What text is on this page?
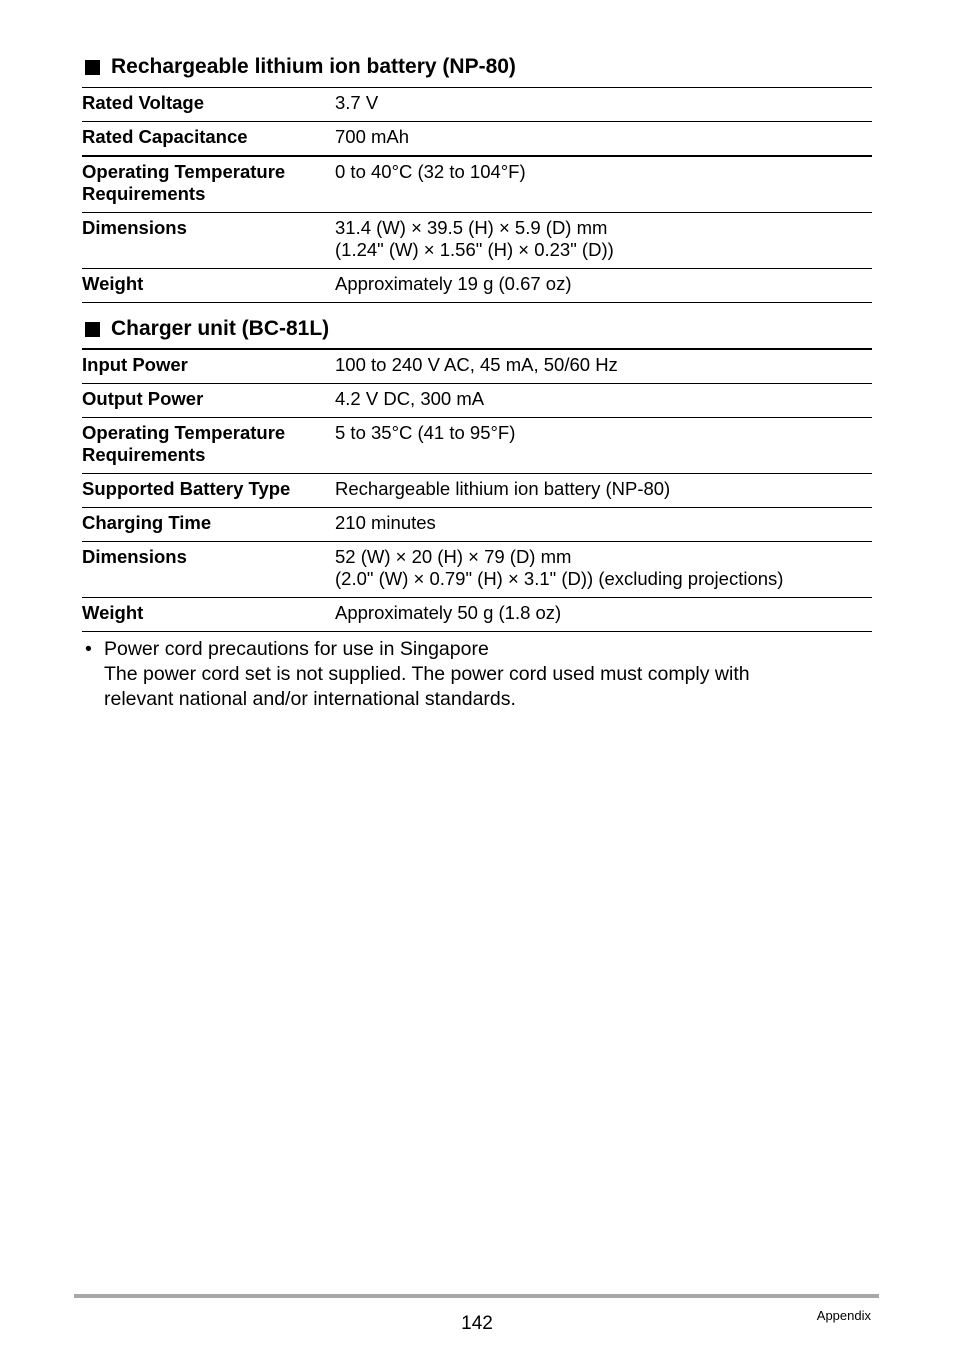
Rechargeable lithium ion battery (NP-80)
Rated Voltage	3.7 V

Rated Capacitance	700 mAh

Operating Temperature
Requirements	0 to 40°C (32 to 104°F)

Dimensions	31.4 (W) × 39.5 (H) × 5.9 (D) mm
(1.24" (W) × 1.56" (H) × 0.23" (D))

Weight	Approximately 19 g (0.67 oz)
Charger unit (BC-81L)
Input Power	100 to 240 V AC, 45 mA, 50/60 Hz

Output Power	4.2 V DC, 300 mA

Operating Temperature
Requirements	5 to 35°C (41 to 95°F)

Supported Battery Type	Rechargeable lithium ion battery (NP-80)

Charging Time	210 minutes

Dimensions	52 (W) × 20 (H) × 79 (D) mm
(2.0" (W) × 0.79" (H) × 3.1" (D)) (excluding projections)

Weight	Approximately 50 g (1.8 oz)
• Power cord precautions for use in Singapore
The power cord set is not supplied. The power cord used must comply with
relevant national and/or international standards.
142	Appendix
